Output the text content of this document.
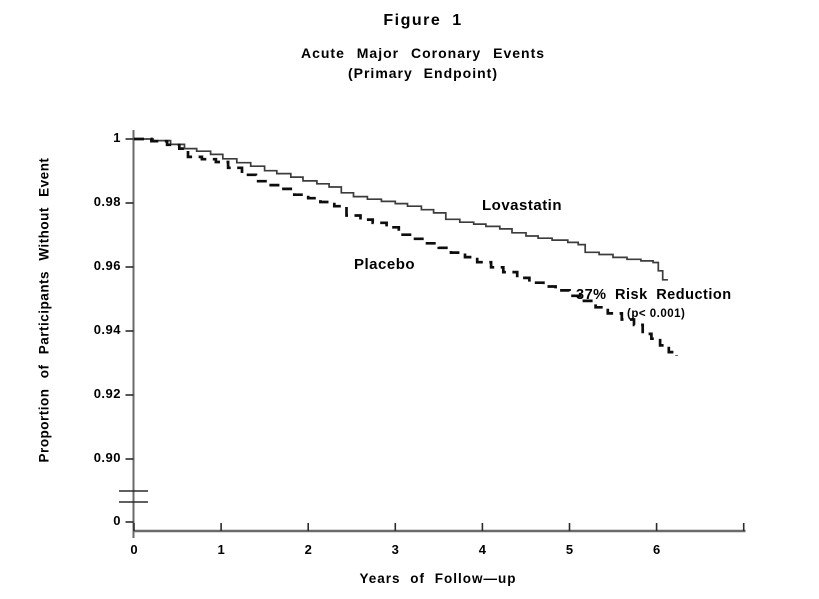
Figure 1
Acute Major Coronary Events
(Primary Endpoint)
Proportion of Participants Without Event
Years of Follow—up
Lovastatin
Placebo
37% Risk Reduction
(p< 0.001)
1
0.98
0.96
0.94
0.92
0.90
0
0	1	2	3	4	5	6
